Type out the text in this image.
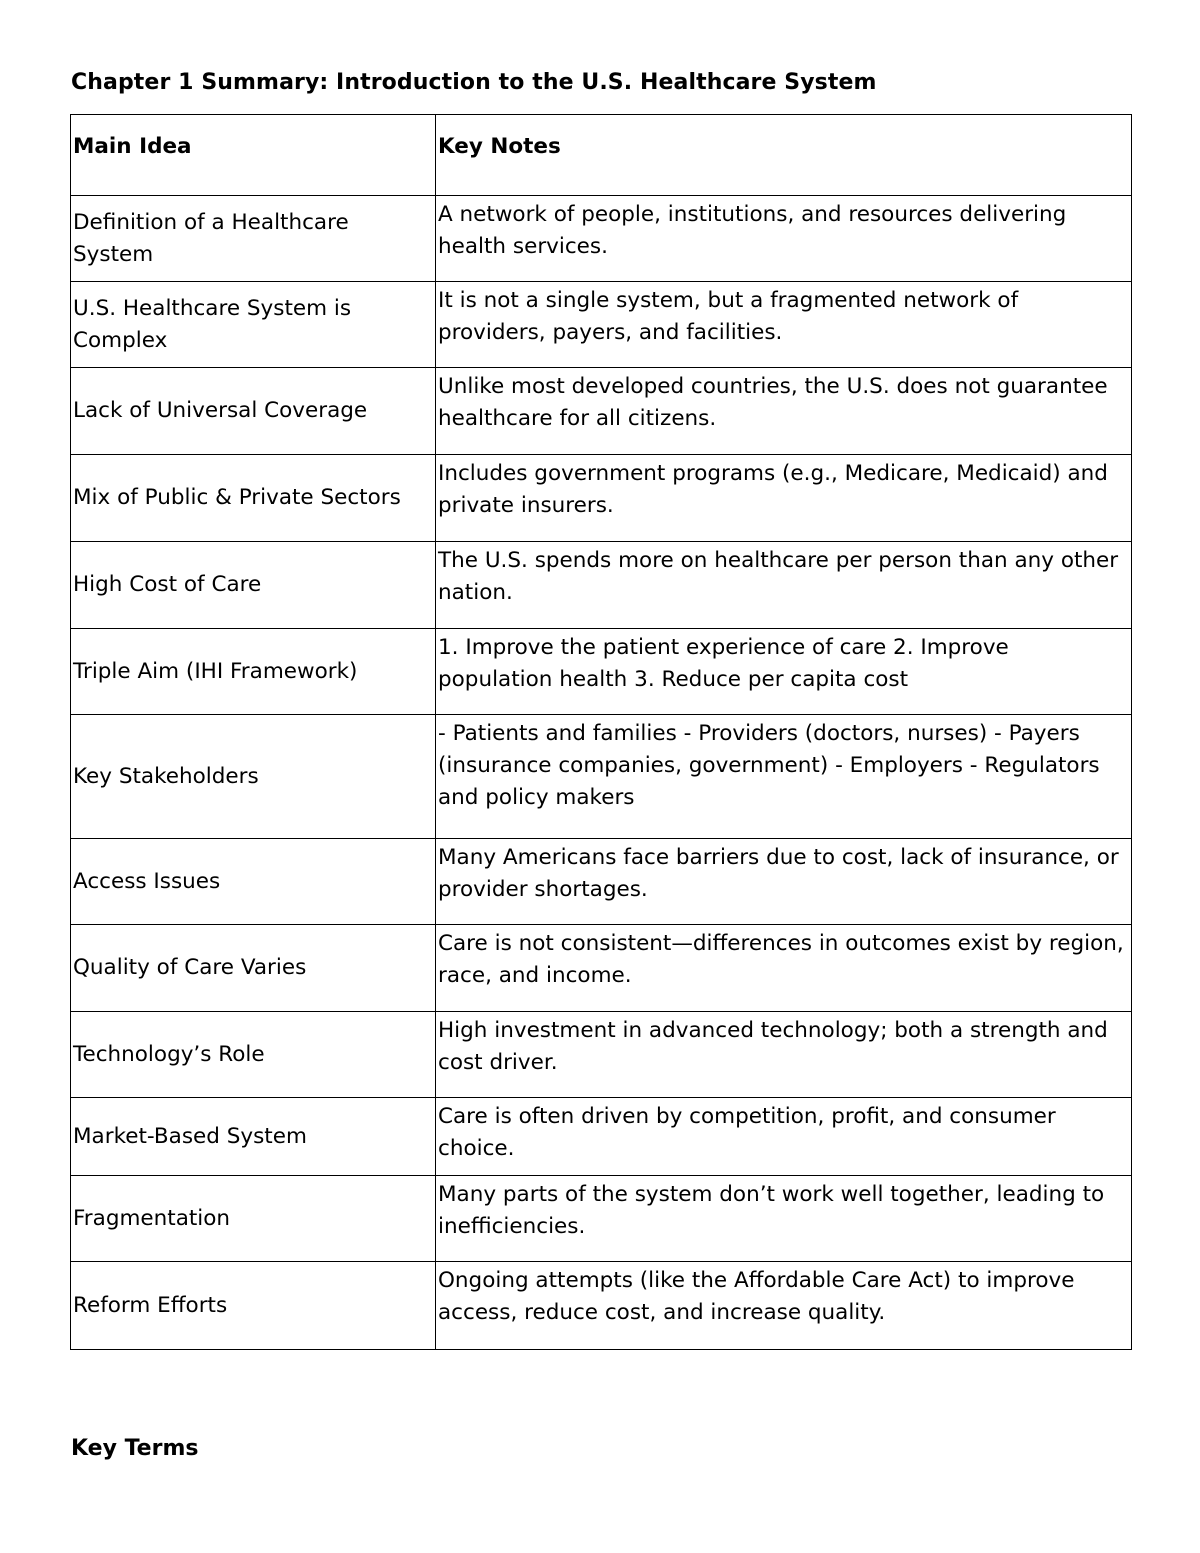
Chapter 1 Summary: Introduction to the U.S. Healthcare System
Main Idea	Key Notes
Definition of a Healthcare System	A network of people, institutions, and resources delivering health services.
U.S. Healthcare System is Complex	It is not a single system, but a fragmented network of providers, payers, and facilities.
Lack of Universal Coverage	Unlike most developed countries, the U.S. does not guarantee healthcare for all citizens.
Mix of Public & Private Sectors	Includes government programs (e.g., Medicare, Medicaid) and private insurers.
High Cost of Care	The U.S. spends more on healthcare per person than any other nation.
Triple Aim (IHI Framework)	1. Improve the patient experience of care 2. Improve population health 3. Reduce per capita cost
Key Stakeholders	- Patients and families - Providers (doctors, nurses) - Payers (insurance companies, government) - Employers - Regulators and policy makers
Access Issues	Many Americans face barriers due to cost, lack of insurance, or provider shortages.
Quality of Care Varies	Care is not consistent—differences in outcomes exist by region, race, and income.
Technology’s Role	High investment in advanced technology; both a strength and cost driver.
Market-Based System	Care is often driven by competition, profit, and consumer choice.
Fragmentation	Many parts of the system don’t work well together, leading to inefficiencies.
Reform Efforts	Ongoing attempts (like the Affordable Care Act) to improve access, reduce cost, and increase quality.
Key Terms
